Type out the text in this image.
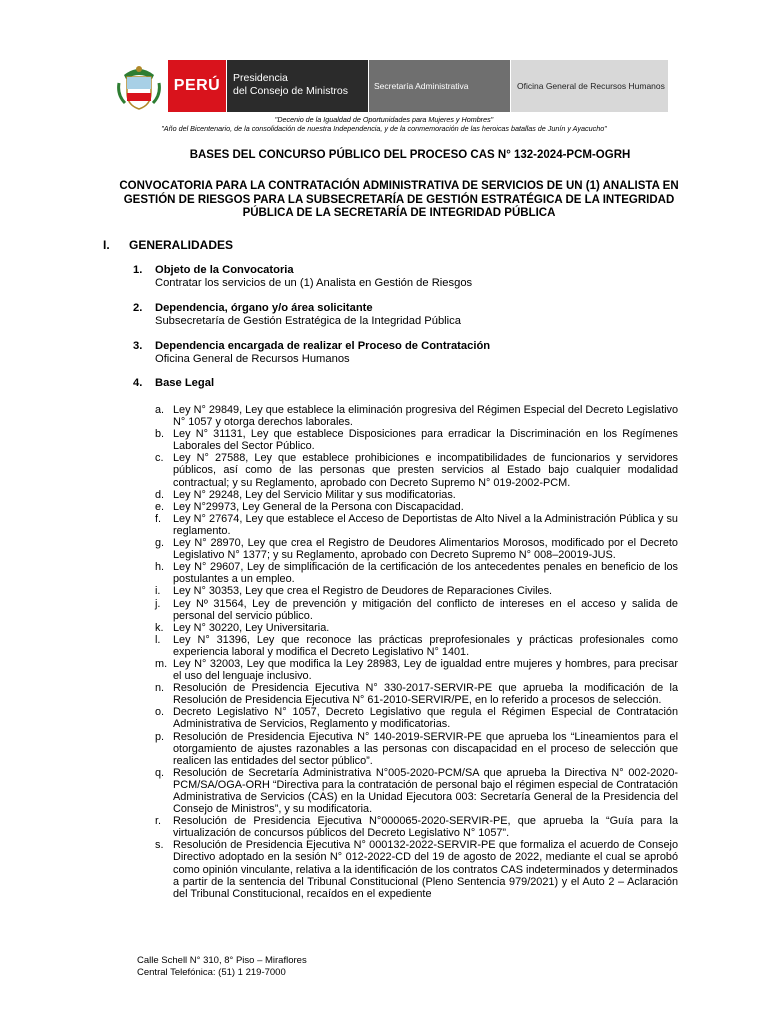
PERÚ	Presidencia
del Consejo de Ministros	Secretaría Administrativa	Oficina General de Recursos Humanos
"Decenio de la Igualdad de Oportunidades para Mujeres y Hombres"
"Año del Bicentenario, de la consolidación de nuestra Independencia, y de la conmemoración de las heroicas batallas de Junín y Ayacucho"
BASES DEL CONCURSO PÚBLICO DEL PROCESO CAS N° 132-2024-PCM-OGRH
CONVOCATORIA PARA LA CONTRATACIÓN ADMINISTRATIVA DE SERVICIOS DE UN (1) ANALISTA EN GESTIÓN DE RIESGOS PARA LA SUBSECRETARÍA DE GESTIÓN ESTRATÉGICA DE LA INTEGRIDAD PÚBLICA DE LA SECRETARÍA DE INTEGRIDAD PÚBLICA
I. GENERALIDADES
1. Objeto de la Convocatoria
Contratar los servicios de un (1) Analista en Gestión de Riesgos
2. Dependencia, órgano y/o área solicitante
Subsecretaría de Gestión Estratégica de la Integridad Pública
3. Dependencia encargada de realizar el Proceso de Contratación
Oficina General de Recursos Humanos
4. Base Legal
a. Ley N° 29849, Ley que establece la eliminación progresiva del Régimen Especial del Decreto Legislativo N° 1057 y otorga derechos laborales.
b. Ley N° 31131, Ley que establece Disposiciones para erradicar la Discriminación en los Regímenes Laborales del Sector Público.
c. Ley N° 27588, Ley que establece prohibiciones e incompatibilidades de funcionarios y servidores públicos, así como de las personas que presten servicios al Estado bajo cualquier modalidad contractual; y su Reglamento, aprobado con Decreto Supremo N° 019-2002-PCM.
d. Ley N° 29248, Ley del Servicio Militar y sus modificatorias.
e. Ley N°29973, Ley General de la Persona con Discapacidad.
f.	Ley N° 27674, Ley que establece el Acceso de Deportistas de Alto Nivel a la Administración Pública y su reglamento.
g. Ley N° 28970, Ley que crea el Registro de Deudores Alimentarios Morosos, modificado por el Decreto Legislativo N° 1377; y su Reglamento, aprobado con Decreto Supremo N° 008–20019-JUS.
h. Ley N° 29607, Ley de simplificación de la certificación de los antecedentes penales en beneficio de los postulantes a un empleo.
i.	Ley N° 30353, Ley que crea el Registro de Deudores de Reparaciones Civiles.
j.	Ley Nº 31564, Ley de prevención y mitigación del conflicto de intereses en el acceso y salida de personal del servicio público.
k. Ley N° 30220, Ley Universitaria.
l.	Ley N° 31396, Ley que reconoce las prácticas preprofesionales y prácticas profesionales como experiencia laboral y modifica el Decreto Legislativo N° 1401.
m. Ley N° 32003, Ley que modifica la Ley 28983, Ley de igualdad entre mujeres y hombres, para precisar el uso del lenguaje inclusivo.
n. Resolución de Presidencia Ejecutiva N° 330-2017-SERVIR-PE que aprueba la modificación de la Resolución de Presidencia Ejecutiva N° 61-2010-SERVIR/PE, en lo referido a procesos de selección.
o. Decreto Legislativo N° 1057, Decreto Legislativo que regula el Régimen Especial de Contratación Administrativa de Servicios, Reglamento y modificatorias.
p. Resolución de Presidencia Ejecutiva N° 140-2019-SERVIR-PE que aprueba los “Lineamientos para el otorgamiento de ajustes razonables a las personas con discapacidad en el proceso de selección que realicen las entidades del sector público”.
q. Resolución de Secretaría Administrativa N°005-2020-PCM/SA que aprueba la Directiva N° 002-2020-PCM/SA/OGA-ORH “Directiva para la contratación de personal bajo el régimen especial de Contratación Administrativa de Servicios (CAS) en la Unidad Ejecutora 003: Secretaría General de la Presidencia del Consejo de Ministros”, y su modificatoria.
r.	Resolución de Presidencia Ejecutiva N°000065-2020-SERVIR-PE, que aprueba la “Guía para la virtualización de concursos públicos del Decreto Legislativo N° 1057”.
s. Resolución de Presidencia Ejecutiva N° 000132-2022-SERVIR-PE que formaliza el acuerdo de Consejo Directivo adoptado en la sesión N° 012-2022-CD del 19 de agosto de 2022, mediante el cual se aprobó como opinión vinculante, relativa a la identificación de los contratos CAS indeterminados y determinados a partir de la sentencia del Tribunal Constitucional (Pleno Sentencia 979/2021) y el Auto 2 – Aclaración del Tribunal Constitucional, recaídos en el expediente
Calle Schell N° 310, 8° Piso – Miraflores
Central Telefónica: (51) 1 219-7000
